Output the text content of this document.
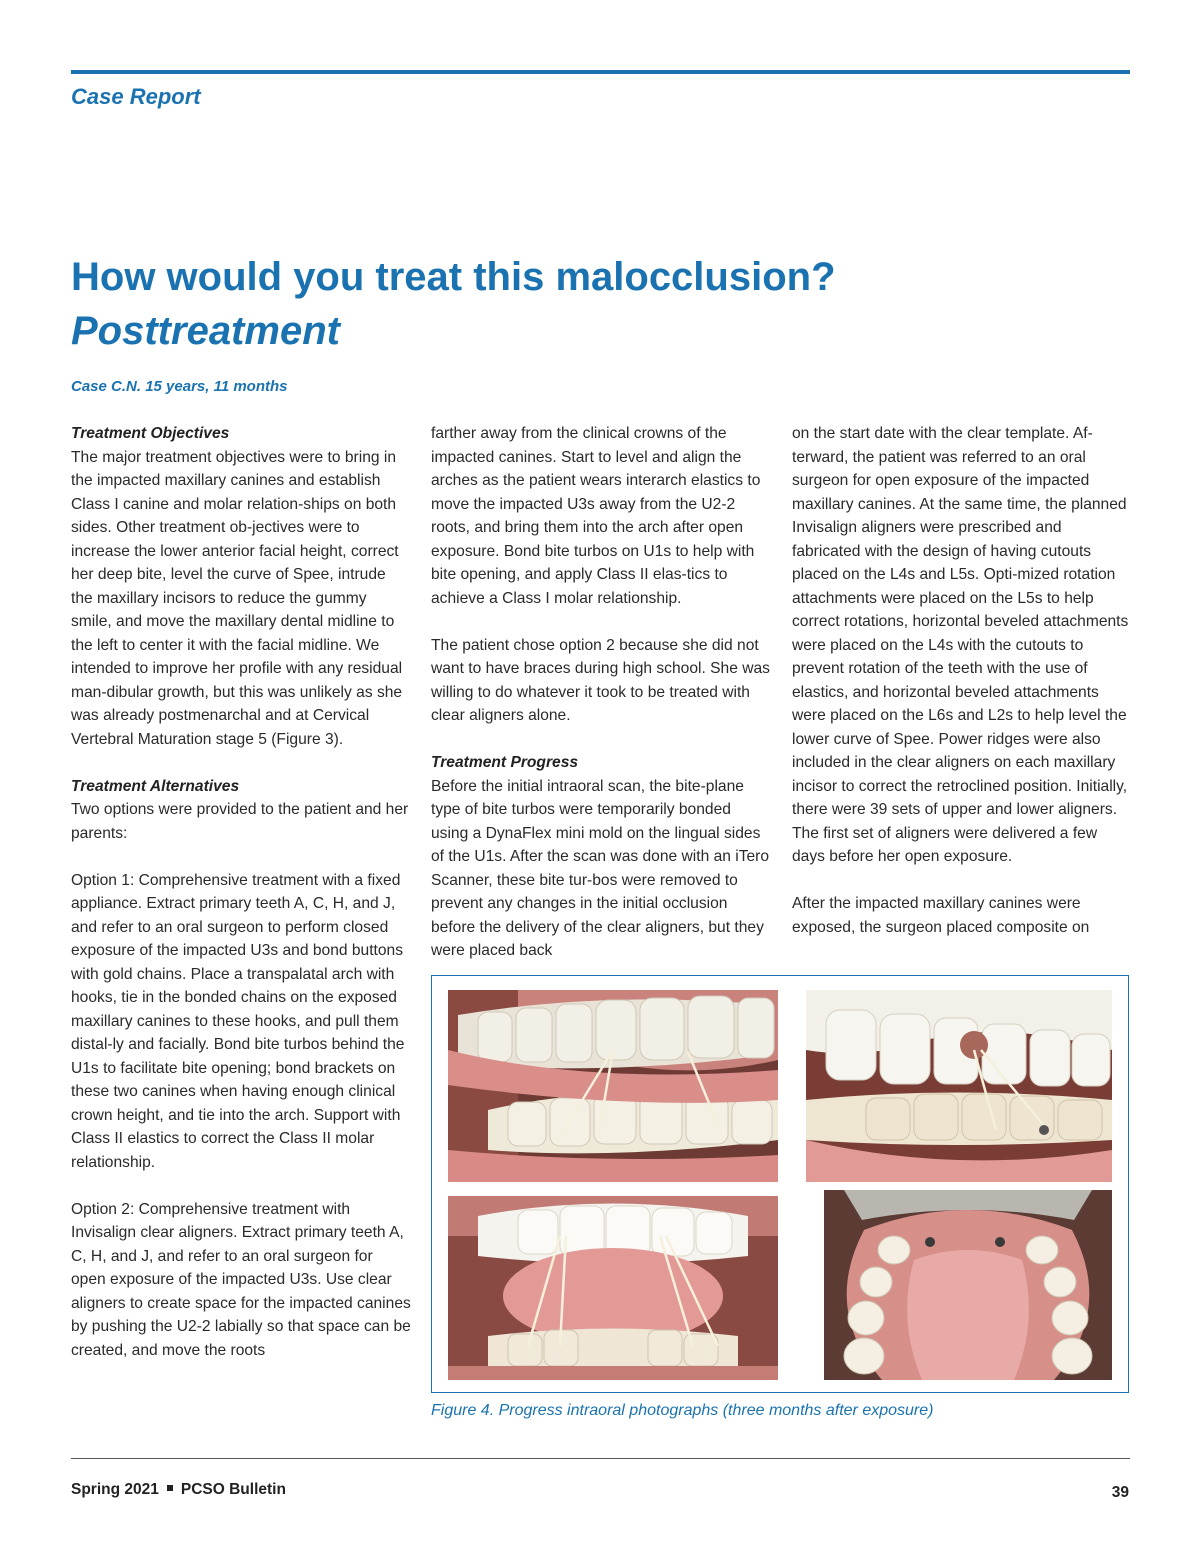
Case Report

How would you treat this malocclusion?
Posttreatment

Case C.N. 15 years, 11 months

Treatment Objectives

The major treatment objectives were to bring in the impacted maxillary canines and establish Class I canine and molar relation-ships on both sides. Other treatment ob-jectives were to increase the lower anterior facial height, correct her deep bite, level the curve of Spee, intrude the maxillary incisors to reduce the gummy smile, and move the maxillary dental midline to the left to center it with the facial midline. We intended to improve her profile with any residual man-dibular growth, but this was unlikely as she was already postmenarchal and at Cervical Vertebral Maturation stage 5 (Figure 3).

Treatment Alternatives

Two options were provided to the patient and her parents:

Option 1: Comprehensive treatment with a fixed appliance. Extract primary teeth A, C, H, and J, and refer to an oral surgeon to perform closed exposure of the impacted U3s and bond buttons with gold chains. Place a transpalatal arch with hooks, tie in the bonded chains on the exposed maxillary canines to these hooks, and pull them distal-ly and facially. Bond bite turbos behind the U1s to facilitate bite opening; bond brackets on these two canines when having enough clinical crown height, and tie into the arch. Support with Class II elastics to correct the Class II molar relationship.

Option 2: Comprehensive treatment with Invisalign clear aligners. Extract primary teeth A, C, H, and J, and refer to an oral surgeon for open exposure of the impacted U3s. Use clear aligners to create space for the impacted canines by pushing the U2-2 labially so that space can be created, and move the roots

farther away from the clinical crowns of the impacted canines. Start to level and align the arches as the patient wears interarch elastics to move the impacted U3s away from the U2-2 roots, and bring them into the arch after open exposure. Bond bite turbos on U1s to help with bite opening, and apply Class II elas-tics to achieve a Class I molar relationship.

The patient chose option 2 because she did not want to have braces during high school. She was willing to do whatever it took to be treated with clear aligners alone.

Treatment Progress

Before the initial intraoral scan, the bite-plane type of bite turbos were temporarily bonded using a DynaFlex mini mold on the lingual sides of the U1s. After the scan was done with an iTero Scanner, these bite tur-bos were removed to prevent any changes in the initial occlusion before the delivery of the clear aligners, but they were placed back

on the start date with the clear template. Af-terward, the patient was referred to an oral surgeon for open exposure of the impacted maxillary canines. At the same time, the planned Invisalign aligners were prescribed and fabricated with the design of having cutouts placed on the L4s and L5s. Opti-mized rotation attachments were placed on the L5s to help correct rotations, horizontal beveled attachments were placed on the L4s with the cutouts to prevent rotation of the teeth with the use of elastics, and horizontal beveled attachments were placed on the L6s and L2s to help level the lower curve of Spee. Power ridges were also included in the clear aligners on each maxillary incisor to correct the retroclined position. Initially, there were 39 sets of upper and lower aligners. The first set of aligners were delivered a few days before her open exposure.

After the impacted maxillary canines were exposed, the surgeon placed composite on

Figure 4. Progress intraoral photographs (three months after exposure)

Spring 2021 PCSO Bulletin	39
